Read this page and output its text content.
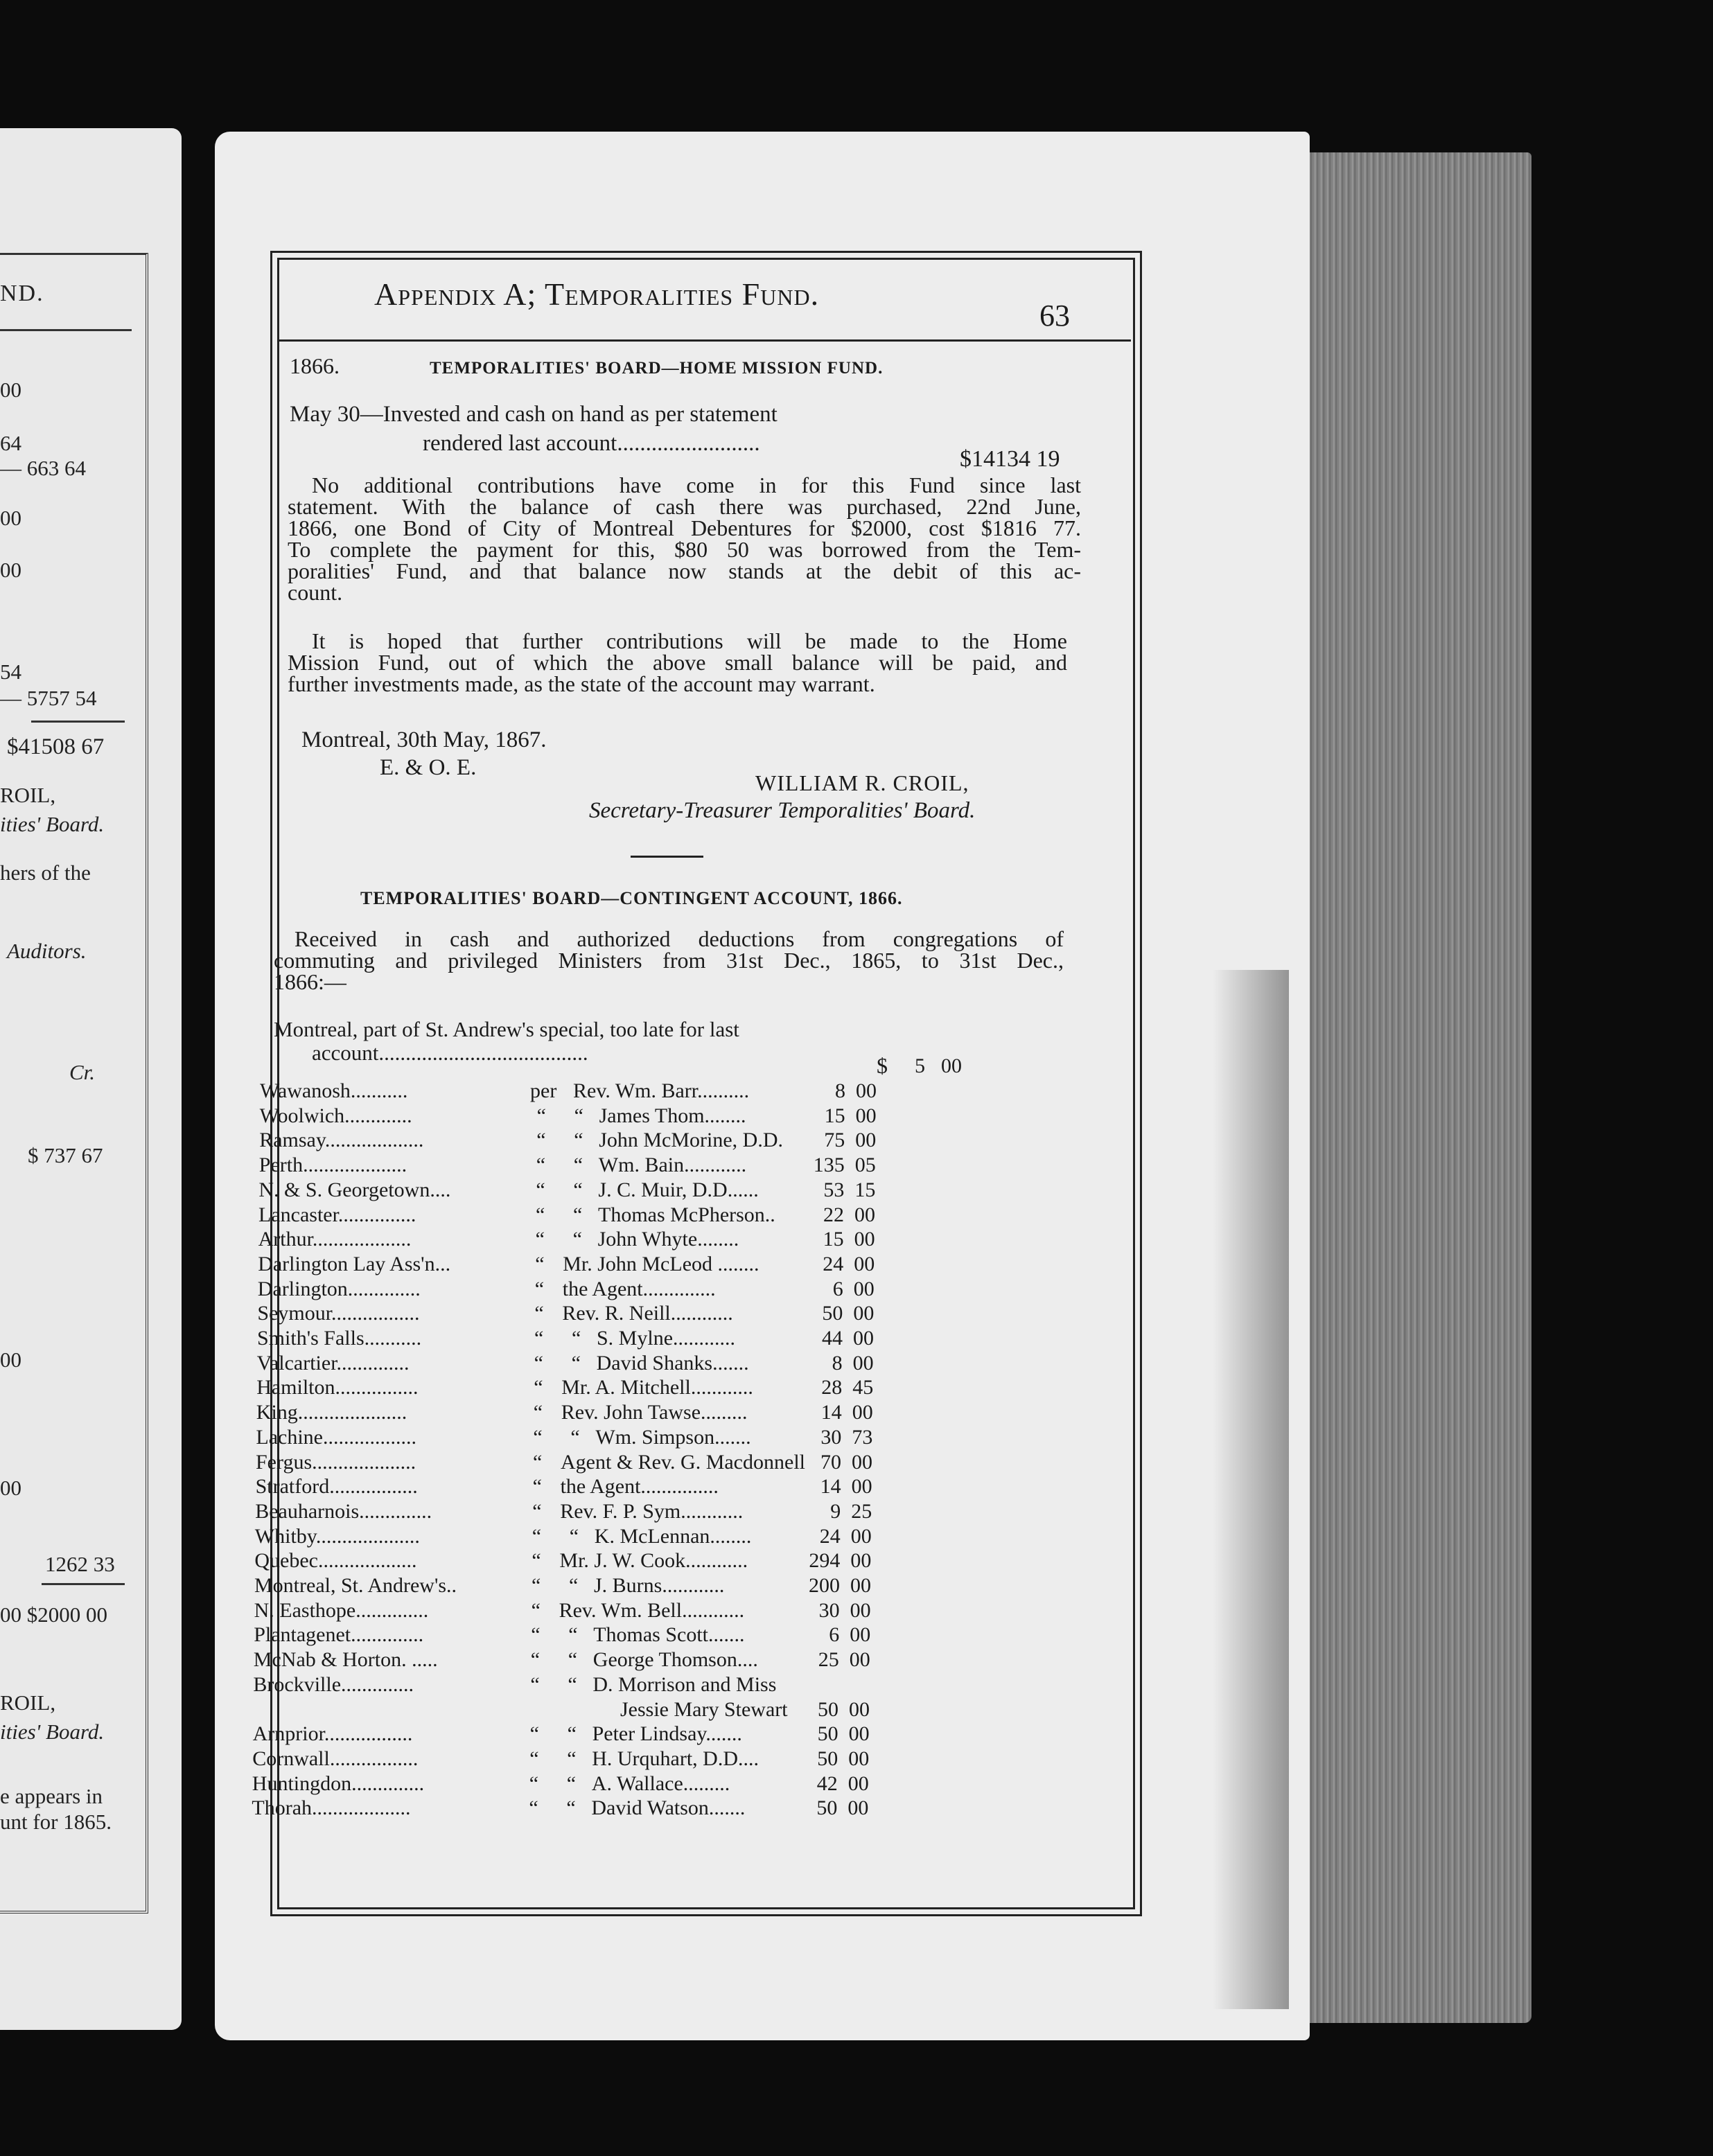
ND.
00
64
— 663 64
00
00
54
— 5757 54
$41508 67
ROIL,
ities' Board.
hers of the
Auditors.
Cr.
$ 737 67
00
00
1262 33
00 $2000 00
ROIL,
ities' Board.
e appears in
unt for 1865.
Appendix A; Temporalities Fund.
63
1866.	TEMPORALITIES' BOARD—HOME MISSION FUND.
May 30—Invested and cash on hand as per statement
rendered last account.........................
$14134 19
No additional contributions have come in for this Fund since last
statement. With the balance of cash there was purchased, 22nd June,
1866, one Bond of City of Montreal Debentures for $2000, cost $1816 77.
To complete the payment for this, $80 50 was borrowed from the Tem-
poralities' Fund, and that balance now stands at the debit of this ac-
count.
It is hoped that further contributions will be made to the Home
Mission Fund, out of which the above small balance will be paid, and
further investments made, as the state of the account may warrant.
Montreal, 30th May, 1867.
E. & O. E.
WILLIAM R. CROIL,
Secretary-Treasurer Temporalities' Board.
TEMPORALITIES' BOARD—CONTINGENT ACCOUNT, 1866.
Received in cash and authorized deductions from congregations of
commuting and privileged Ministers from 31st Dec., 1865, to 31st Dec.,
1866:—
Montreal, part of St. Andrew's special, too late for last
account.......................................
$ 5 00
Wawanosh...........	per Rev. Wm. Barr..........	8 00
Woolwich.............	“ “ James Thom........	15 00
Ramsay...................	“ “ John McMorine, D.D.	75 00
Perth....................	“ “ Wm. Bain............	135 05
N. & S. Georgetown....	“ “ J. C. Muir, D.D......	53 15
Lancaster...............	“ “ Thomas McPherson..	22 00
Arthur...................	“ “ John Whyte........	15 00
Darlington Lay Ass'n...	“ Mr. John McLeod ........	24 00
Darlington..............	“ the Agent..............	6 00
Seymour.................	“ Rev. R. Neill............	50 00
Smith's Falls...........	“ “ S. Mylne............	44 00
Valcartier..............	“ “ David Shanks.......	8 00
Hamilton................	“ Mr. A. Mitchell............	28 45
King.....................	“ Rev. John Tawse.........	14 00
Lachine..................	“ “ Wm. Simpson.......	30 73
Fergus....................	“ Agent & Rev. G. Macdonnell 70 00
Stratford.................	“ the Agent...............	14 00
Beauharnois..............	“ Rev. F. P. Sym............	9 25
Whitby....................	“ “ K. McLennan........	24 00
Quebec...................	“ Mr. J. W. Cook............	294 00
Montreal, St. Andrew's..	“ “ J. Burns............	200 00
N. Easthope..............	“ Rev. Wm. Bell............	30 00
Plantagenet..............	“ “ Thomas Scott.......	6 00
McNab & Horton. .....	“ “ George Thomson....	25 00
Brockville..............	“ “ D. Morrison and Miss
Jessie Mary Stewart	50 00
Arnprior.................	“ “ Peter Lindsay.......	50 00
Cornwall.................	“ “ H. Urquhart, D.D....	50 00
Huntingdon..............	“ “ A. Wallace.........	42 00
Thorah...................	“ “ David Watson.......	50 00
